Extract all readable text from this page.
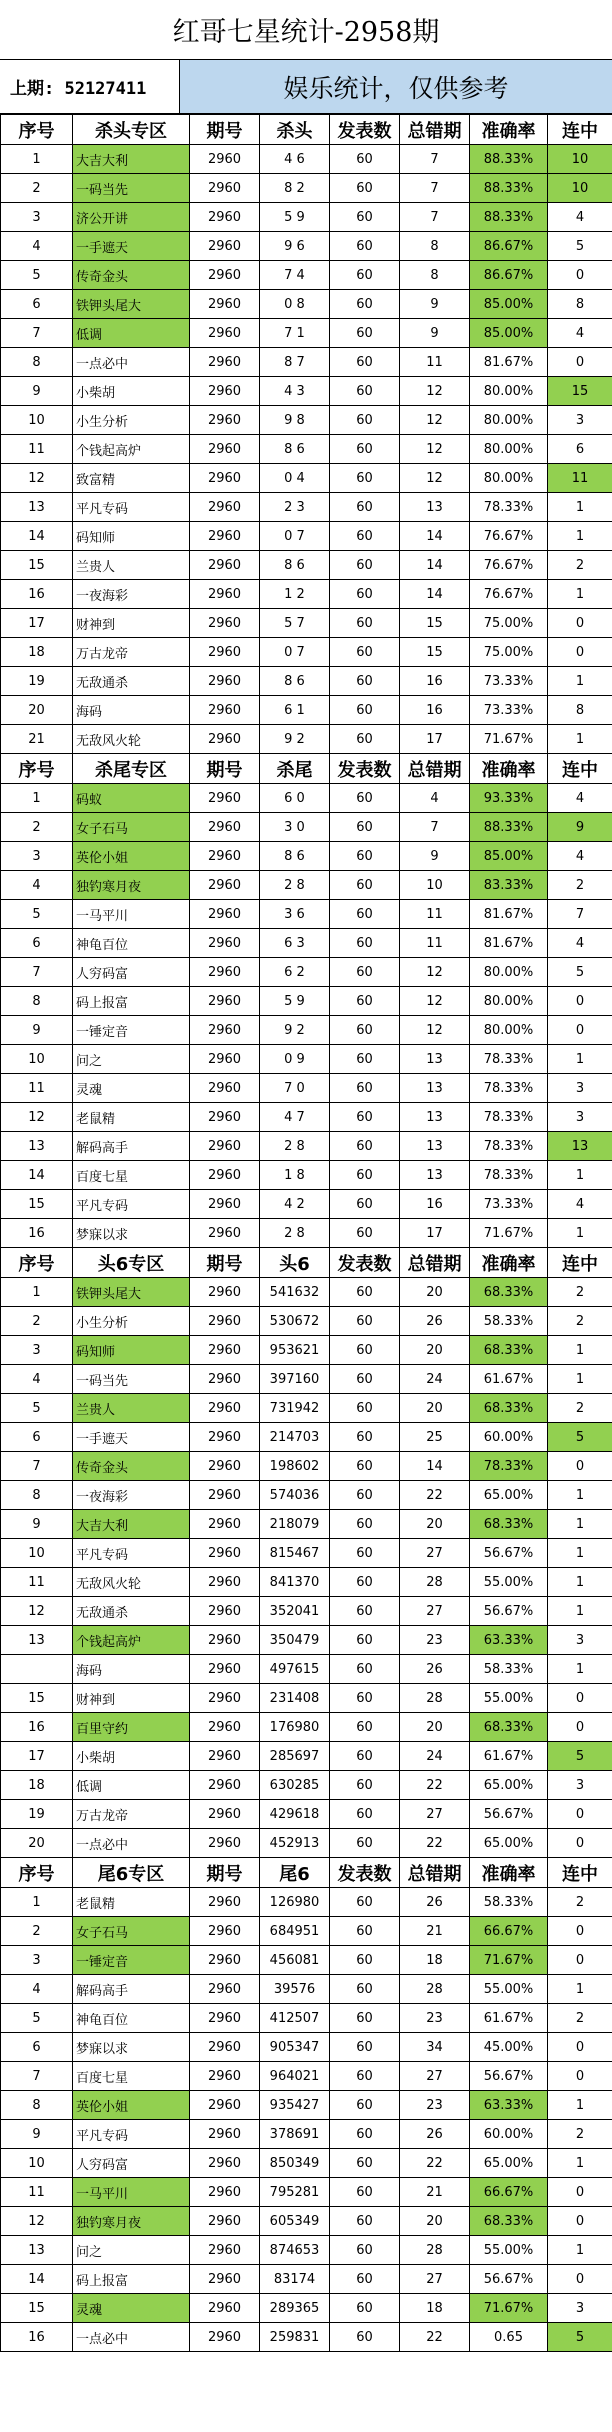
红哥七星统计-2958期
上期: 52127411	娱乐统计，仅供参考
序号	杀头专区	期号	杀头	发表数	总错期	准确率	连中
1	大吉大利	2960	4 6	60	7	88.33%	10
2	一码当先	2960	8 2	60	7	88.33%	10
3	济公开讲	2960	5 9	60	7	88.33%	4
4	一手遮天	2960	9 6	60	8	86.67%	5
5	传奇金头	2960	7 4	60	8	86.67%	0
6	铁钾头尾大	2960	0 8	60	9	85.00%	8
7	低调	2960	7 1	60	9	85.00%	4
8	一点必中	2960	8 7	60	11	81.67%	0
9	小柴胡	2960	4 3	60	12	80.00%	15
10	小生分析	2960	9 8	60	12	80.00%	3
11	个钱起高炉	2960	8 6	60	12	80.00%	6
12	致富精	2960	0 4	60	12	80.00%	11
13	平凡专码	2960	2 3	60	13	78.33%	1
14	码知师	2960	0 7	60	14	76.67%	1
15	兰贵人	2960	8 6	60	14	76.67%	2
16	一夜海彩	2960	1 2	60	14	76.67%	1
17	财神到	2960	5 7	60	15	75.00%	0
18	万古龙帝	2960	0 7	60	15	75.00%	0
19	无敌通杀	2960	8 6	60	16	73.33%	1
20	海码	2960	6 1	60	16	73.33%	8
21	无敌风火轮	2960	9 2	60	17	71.67%	1
序号	杀尾专区	期号	杀尾	发表数	总错期	准确率	连中
1	码蚁	2960	6 0	60	4	93.33%	4
2	女子石马	2960	3 0	60	7	88.33%	9
3	英伦小姐	2960	8 6	60	9	85.00%	4
4	独钓寒月夜	2960	2 8	60	10	83.33%	2
5	一马平川	2960	3 6	60	11	81.67%	7
6	神龟百位	2960	6 3	60	11	81.67%	4
7	人穷码富	2960	6 2	60	12	80.00%	5
8	码上报富	2960	5 9	60	12	80.00%	0
9	一锤定音	2960	9 2	60	12	80.00%	0
10	问之	2960	0 9	60	13	78.33%	1
11	灵魂	2960	7 0	60	13	78.33%	3
12	老鼠精	2960	4 7	60	13	78.33%	3
13	解码高手	2960	2 8	60	13	78.33%	13
14	百度七星	2960	1 8	60	13	78.33%	1
15	平凡专码	2960	4 2	60	16	73.33%	4
16	梦寐以求	2960	2 8	60	17	71.67%	1
序号	头6专区	期号	头6	发表数	总错期	准确率	连中
1	铁钾头尾大	2960	541632	60	20	68.33%	2
2	小生分析	2960	530672	60	26	58.33%	2
3	码知师	2960	953621	60	20	68.33%	1
4	一码当先	2960	397160	60	24	61.67%	1
5	兰贵人	2960	731942	60	20	68.33%	2
6	一手遮天	2960	214703	60	25	60.00%	5
7	传奇金头	2960	198602	60	14	78.33%	0
8	一夜海彩	2960	574036	60	22	65.00%	1
9	大吉大利	2960	218079	60	20	68.33%	1
10	平凡专码	2960	815467	60	27	56.67%	1
11	无敌风火轮	2960	841370	60	28	55.00%	1
12	无敌通杀	2960	352041	60	27	56.67%	1
13	个钱起高炉	2960	350479	60	23	63.33%	3
	海码	2960	497615	60	26	58.33%	1
15	财神到	2960	231408	60	28	55.00%	0
16	百里守约	2960	176980	60	20	68.33%	0
17	小柴胡	2960	285697	60	24	61.67%	5
18	低调	2960	630285	60	22	65.00%	3
19	万古龙帝	2960	429618	60	27	56.67%	0
20	一点必中	2960	452913	60	22	65.00%	0
序号	尾6专区	期号	尾6	发表数	总错期	准确率	连中
1	老鼠精	2960	126980	60	26	58.33%	2
2	女子石马	2960	684951	60	21	66.67%	0
3	一锤定音	2960	456081	60	18	71.67%	0
4	解码高手	2960	39576	60	28	55.00%	1
5	神龟百位	2960	412507	60	23	61.67%	2
6	梦寐以求	2960	905347	60	34	45.00%	0
7	百度七星	2960	964021	60	27	56.67%	0
8	英伦小姐	2960	935427	60	23	63.33%	1
9	平凡专码	2960	378691	60	26	60.00%	2
10	人穷码富	2960	850349	60	22	65.00%	1
11	一马平川	2960	795281	60	21	66.67%	0
12	独钓寒月夜	2960	605349	60	20	68.33%	0
13	问之	2960	874653	60	28	55.00%	1
14	码上报富	2960	83174	60	27	56.67%	0
15	灵魂	2960	289365	60	18	71.67%	3
16	一点必中	2960	259831	60	22	0.65	5
